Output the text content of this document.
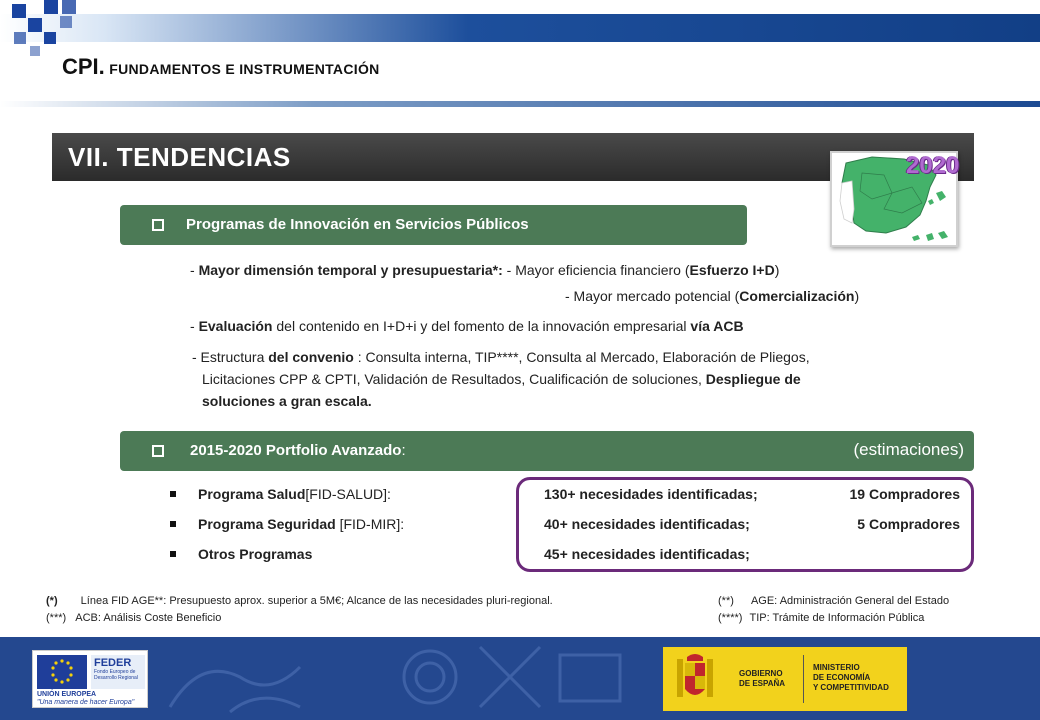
CPI. FUNDAMENTOS E INSTRUMENTACIÓN
VII. TENDENCIAS	2020
Programas de Innovación en Servicios Públicos
- Mayor dimensión temporal y presupuestaria*: - Mayor eficiencia financiero (Esfuerzo I+D)
- Mayor mercado potencial (Comercialización)
- Evaluación del contenido en I+D+i y del fomento de la innovación empresarial vía ACB
- Estructura del convenio : Consulta interna, TIP****, Consulta al Mercado, Elaboración de Pliegos,
Licitaciones CPP & CPTI, Validación de Resultados, Cualificación de soluciones, Despliegue de
soluciones a gran escala.
2015-2020 Portfolio Avanzado:	(estimaciones)
Programa Salud[FID-SALUD]:	130+ necesidades identificadas;	19 Compradores
Programa Seguridad [FID-MIR]:	40+ necesidades identificadas;	5 Compradores
Otros Programas	45+ necesidades identificadas;
(*) Línea FID AGE**: Presupuesto aprox. superior a 5M€; Alcance de las necesidades pluri-regional.
(***) ACB: Análisis Coste Beneficio
(**) AGE: Administración General del Estado
(****) TIP: Trámite de Información Pública
FEDER
Fondo Europeo de
Desarrollo Regional
UNIÓN EUROPEA
"Una manera de hacer Europa"
GOBIERNO
DE ESPAÑA
MINISTERIO
DE ECONOMÍA
Y COMPETITIVIDAD
